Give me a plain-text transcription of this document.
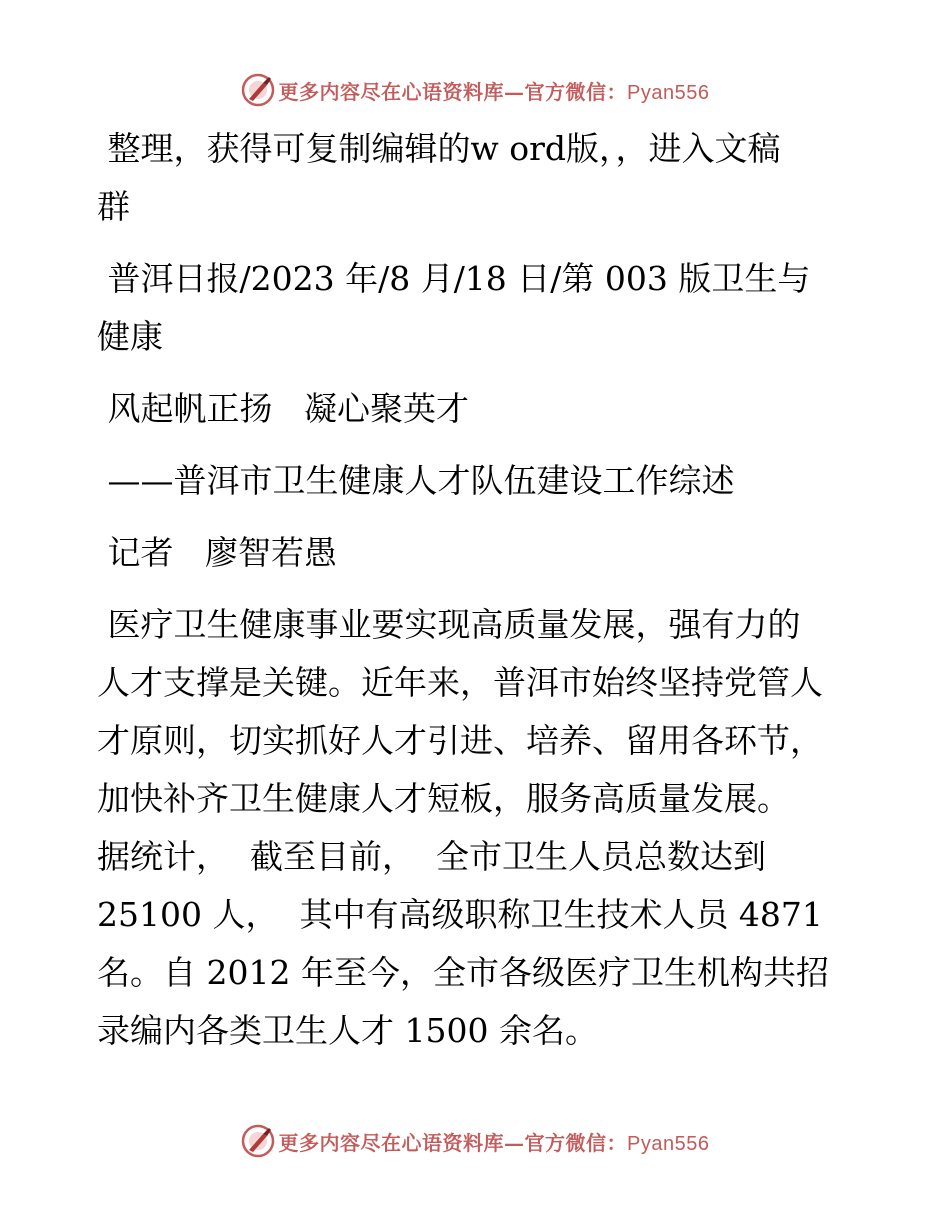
更多内容尽在心语资料库—官方微信：Pyan556

整理，获得可复制编辑的w ord版，，进入文稿
群

普洱日报/2023 年/8 月/18 日/第 003 版卫生与
健康

风起帆正扬   凝心聚英才

——普洱市卫生健康人才队伍建设工作综述

记者   廖智若愚

医疗卫生健康事业要实现高质量发展，强有力的
人才支撑是关键。近年来，普洱市始终坚持党管人
才原则，切实抓好人才引进、培养、留用各环节，
加快补齐卫生健康人才短板，服务高质量发展。
据统计，  截至目前，  全市卫生人员总数达到
25100 人，  其中有高级职称卫生技术人员 4871
名。自 2012 年至今，全市各级医疗卫生机构共招
录编内各类卫生人才 1500 余名。

更多内容尽在心语资料库—官方微信：Pyan556
